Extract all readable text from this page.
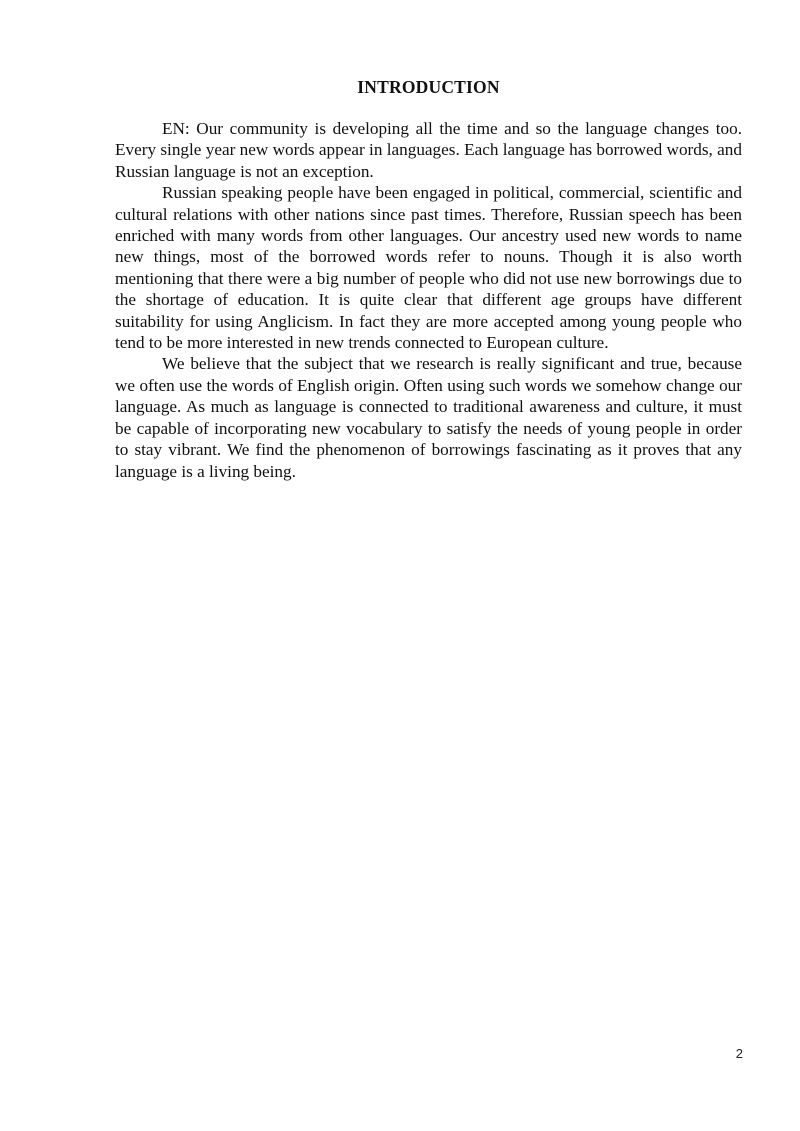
INTRODUCTION

EN: Our community is developing all the time and so the language changes too. Every single year new words appear in languages. Each language has borrowed words, and Russian language is not an exception.

Russian speaking people have been engaged in political, commercial, scientific and cultural relations with other nations since past times. Therefore, Russian speech has been enriched with many words from other languages. Our ancestry used new words to name new things, most of the borrowed words refer to nouns. Though it is also worth mentioning that there were a big number of people who did not use new borrowings due to the shortage of education. It is quite clear that different age groups have different suitability for using Anglicism. In fact they are more accepted among young people who tend to be more interested in new trends connected to European culture.

We believe that the subject that we research is really significant and true, because we often use the words of English origin. Often using such words we somehow change our language. As much as language is connected to traditional awareness and culture, it must be capable of incorporating new vocabulary to satisfy the needs of young people in order to stay vibrant. We find the phenomenon of borrowings fascinating as it proves that any language is a living being.

2
